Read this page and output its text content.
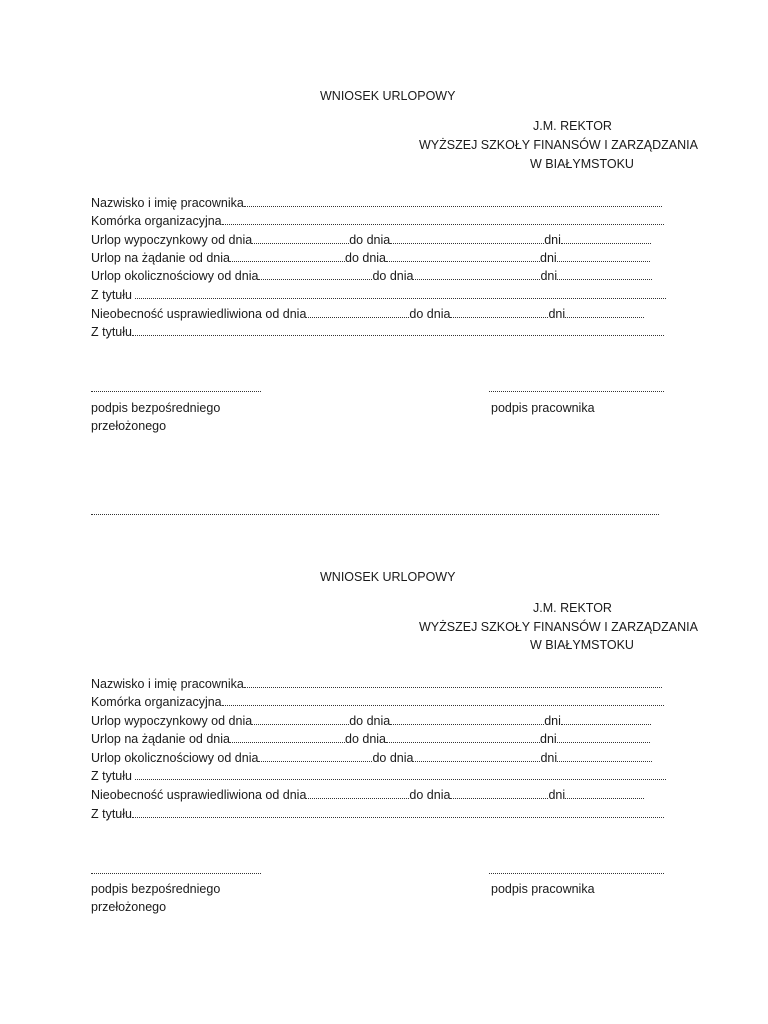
WNIOSEK URLOPOWY
J.M. REKTOR
WYŻSZEJ SZKOŁY FINANSÓW I ZARZĄDZANIA
W BIAŁYMSTOKU
Nazwisko i imię pracownika
Komórka organizacyjna
Urlop wypoczynkowy od dnia	do dnia	dni
Urlop na żądanie od dnia	do dnia	dni
Urlop okolicznościowy od dnia	do dnia	dni
Z tytułu
Nieobecność usprawiedliwiona od dnia	do dnia	dni
Z tytułu
podpis bezpośredniego
przełożonego
podpis pracownika
WNIOSEK URLOPOWY
J.M. REKTOR
WYŻSZEJ SZKOŁY FINANSÓW I ZARZĄDZANIA
W BIAŁYMSTOKU
Nazwisko i imię pracownika
Komórka organizacyjna
Urlop wypoczynkowy od dnia	do dnia	dni
Urlop na żądanie od dnia	do dnia	dni
Urlop okolicznościowy od dnia	do dnia	dni
Z tytułu
Nieobecność usprawiedliwiona od dnia	do dnia	dni
Z tytułu
podpis bezpośredniego
przełożonego
podpis pracownika
